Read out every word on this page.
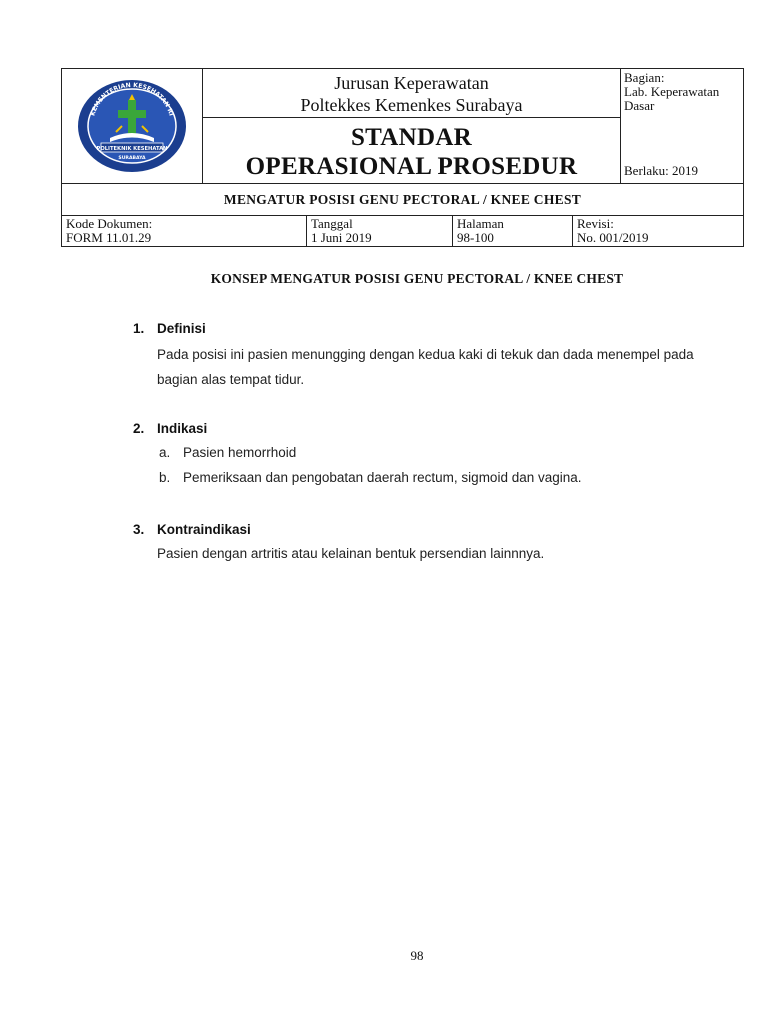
KEMENTERIAN KESEHATAN RI
POLITEKNIK KESEHATAN
SURABAYA
Jurusan Keperawatan
Poltekkes Kemenkes Surabaya
STANDAR
OPERASIONAL PROSEDUR
Bagian:
Lab. Keperawatan Dasar
Berlaku: 2019
MENGATUR POSISI GENU PECTORAL / KNEE CHEST
Kode Dokumen:
FORM 11.01.29
Tanggal
1 Juni 2019
Halaman
98-100
Revisi:
No. 001/2019
KONSEP MENGATUR POSISI GENU PECTORAL / KNEE CHEST
1. Definisi
Pada posisi ini pasien menungging dengan kedua kaki di tekuk dan dada menempel pada bagian alas tempat tidur.
2. Indikasi
a. Pasien hemorrhoid
b. Pemeriksaan dan pengobatan daerah rectum, sigmoid dan vagina.
3. Kontraindikasi
Pasien dengan artritis atau kelainan bentuk persendian lainnnya.
98
